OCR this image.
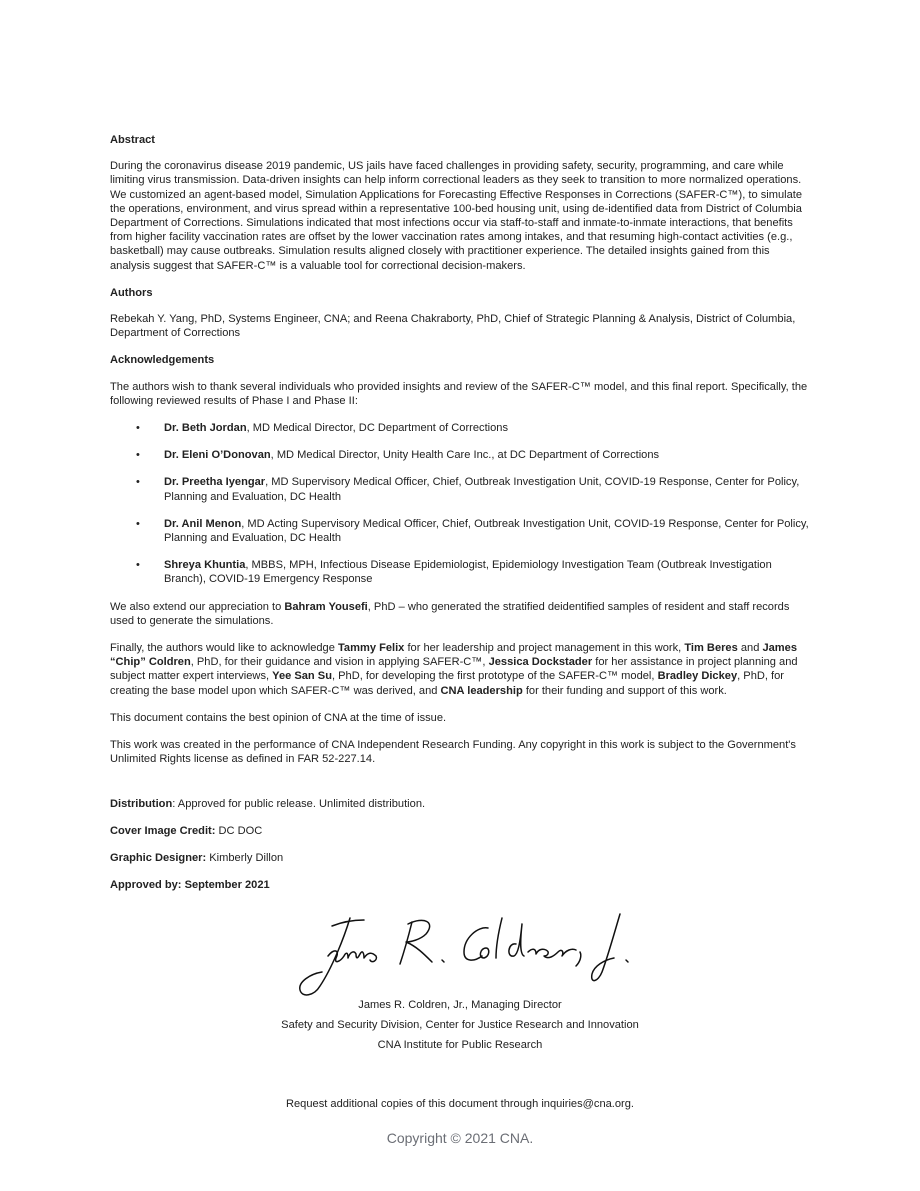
Abstract

During the coronavirus disease 2019 pandemic, US jails have faced challenges in providing safety, security, programming, and care while limiting virus transmission. Data-driven insights can help inform correctional leaders as they seek to transition to more normalized operations. We customized an agent-based model, Simulation Applications for Forecasting Effective Responses in Corrections (SAFER-C™), to simulate the operations, environment, and virus spread within a representative 100-bed housing unit, using de-identified data from District of Columbia Department of Corrections. Simulations indicated that most infections occur via staff-to-staff and inmate-to-inmate interactions, that benefits from higher facility vaccination rates are offset by the lower vaccination rates among intakes, and that resuming high-contact activities (e.g., basketball) may cause outbreaks. Simulation results aligned closely with practitioner experience. The detailed insights gained from this analysis suggest that SAFER-C™ is a valuable tool for correctional decision-makers.

Authors

Rebekah Y. Yang, PhD, Systems Engineer, CNA; and Reena Chakraborty, PhD, Chief of Strategic Planning & Analysis, District of Columbia, Department of Corrections

Acknowledgements

The authors wish to thank several individuals who provided insights and review of the SAFER-C™ model, and this final report. Specifically, the following reviewed results of Phase I and Phase II:

• Dr. Beth Jordan, MD Medical Director, DC Department of Corrections
• Dr. Eleni O’Donovan, MD Medical Director, Unity Health Care Inc., at DC Department of Corrections
• Dr. Preetha Iyengar, MD Supervisory Medical Officer, Chief, Outbreak Investigation Unit, COVID-19 Response, Center for Policy, Planning and Evaluation, DC Health
• Dr. Anil Menon, MD Acting Supervisory Medical Officer, Chief, Outbreak Investigation Unit, COVID-19 Response, Center for Policy, Planning and Evaluation, DC Health
• Shreya Khuntia, MBBS, MPH, Infectious Disease Epidemiologist, Epidemiology Investigation Team (Outbreak Investigation Branch), COVID-19 Emergency Response

We also extend our appreciation to Bahram Yousefi, PhD – who generated the stratified deidentified samples of resident and staff records used to generate the simulations.

Finally, the authors would like to acknowledge Tammy Felix for her leadership and project management in this work, Tim Beres and James “Chip” Coldren, PhD, for their guidance and vision in applying SAFER-C™, Jessica Dockstader for her assistance in project planning and subject matter expert interviews, Yee San Su, PhD, for developing the first prototype of the SAFER-C™ model, Bradley Dickey, PhD, for creating the base model upon which SAFER-C™ was derived, and CNA leadership for their funding and support of this work.

This document contains the best opinion of CNA at the time of issue.

This work was created in the performance of CNA Independent Research Funding. Any copyright in this work is subject to the Government's Unlimited Rights license as defined in FAR 52-227.14.

Distribution: Approved for public release. Unlimited distribution.

Cover Image Credit: DC DOC

Graphic Designer: Kimberly Dillon

Approved by: September 2021

James R. Coldren, Jr., Managing Director
Safety and Security Division, Center for Justice Research and Innovation
CNA Institute for Public Research
Request additional copies of this document through inquiries@cna.org.
Copyright © 2021 CNA.
